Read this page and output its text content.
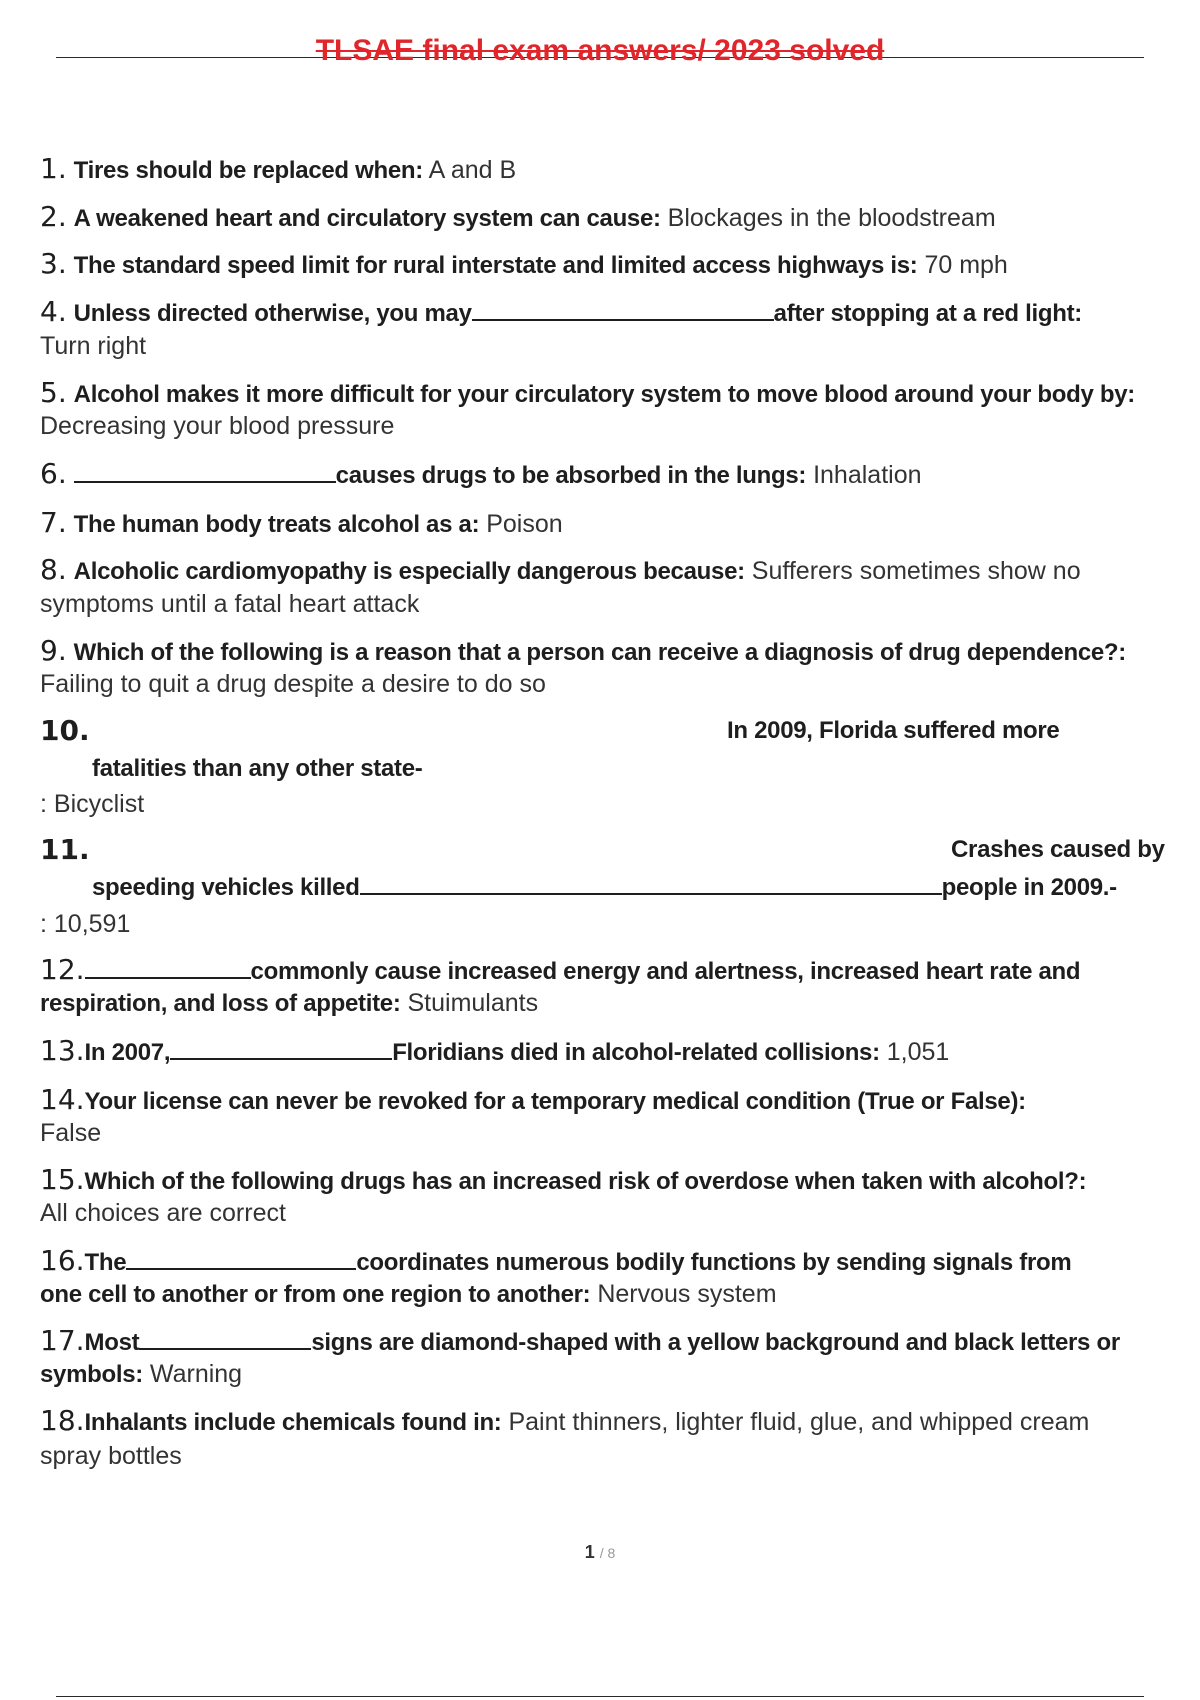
TLSAE final exam answers/ 2023 solved
1. Tires should be replaced when: A and B
2. A weakened heart and circulatory system can cause: Blockages in the bloodstream
3. The standard speed limit for rural interstate and limited access highways is: 70 mph
4. Unless directed otherwise, you may	after stopping at a red light:
Turn right
5. Alcohol makes it more difficult for your circulatory system to move blood around your body by:
Decreasing your blood pressure
6.	causes drugs to be absorbed in the lungs: Inhalation
7. The human body treats alcohol as a: Poison
8. Alcoholic cardiomyopathy is especially dangerous because: Sufferers sometimes show no
symptoms until a fatal heart attack
9. Which of the following is a reason that a person can receive a diagnosis of drug dependence?:
Failing to quit a drug despite a desire to do so
10.	In 2009, Florida suffered more
fatalities than any other state-
: Bicyclist
11.	Crashes caused by
speeding vehicles killed	people in 2009.-
: 10,591
12.	commonly cause increased energy and alertness, increased heart rate and
respiration, and loss of appetite: Stuimulants
13.In 2007,	Floridians died in alcohol-related collisions: 1,051
14.Your license can never be revoked for a temporary medical condition (True or False):
False
15.Which of the following drugs has an increased risk of overdose when taken with alcohol?:
All choices are correct
16.The	coordinates numerous bodily functions by sending signals from
one cell to another or from one region to another: Nervous system
17.Most	signs are diamond-shaped with a yellow background and black letters or
symbols: Warning
18.Inhalants include chemicals found in: Paint thinners, lighter fluid, glue, and whipped cream
spray bottles
1 / 8
